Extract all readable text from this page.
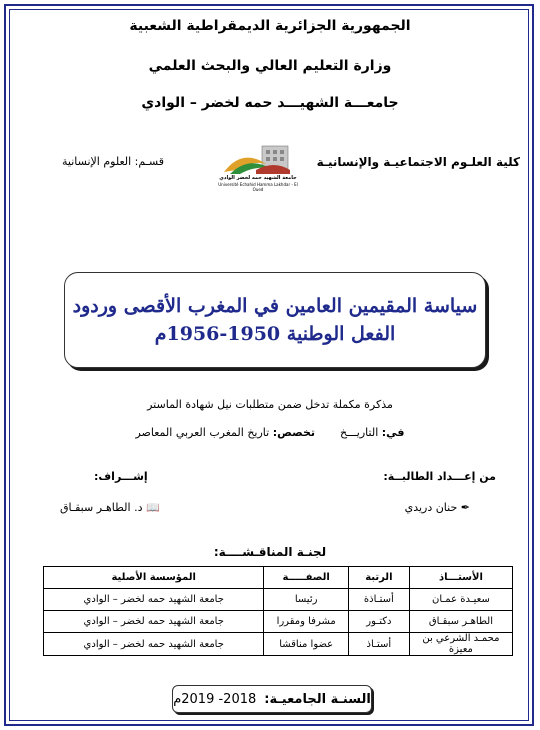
الجمهورية الجزائرية الديمقراطية الشعبية
وزارة التعليم العالي والبحث العلمي
جامعـــة الشهيـــد حمه لخضر – الوادي
كلية العلـوم الاجتماعيـة والإنسانيـة
قسـم: العلوم الإنسانية
جامعة الشهيد حمه لخضر الوادي
Université Echahid Hamma Lakhdar - El Oued
سياسة المقيمين العامين في المغرب الأقصى وردود
الفعل الوطنية 1950-1956م
مذكرة مكملة تدخل ضمن متطلبات نيل شهادة الماستر
في: التاريـــخ  تخصص: تاريخ المغرب العربي المعاصر
من إعـــداد الطالبــة:
إشـــراف:
✒ حنان دريدي
📖 د. الطاهـر سبقـاق
لجنـة المناقـشــــة:
الأستـــاذ	الرتبة	الصفـــــة	المؤسسة الأصلية
سعيـدة عمـان	أستـاذة	رئيسا	جامعة الشهيد حمه لخضر – الوادي
الطاهـر سبقـاق	دكتـور	مشرفا ومقررا	جامعة الشهيد حمه لخضر – الوادي
محمـد الشرعي بن معيزة	أستـاذ	عضوا مناقشا	جامعة الشهيد حمه لخضر – الوادي
السنـة الجامعيـة:
2018- 2019م
